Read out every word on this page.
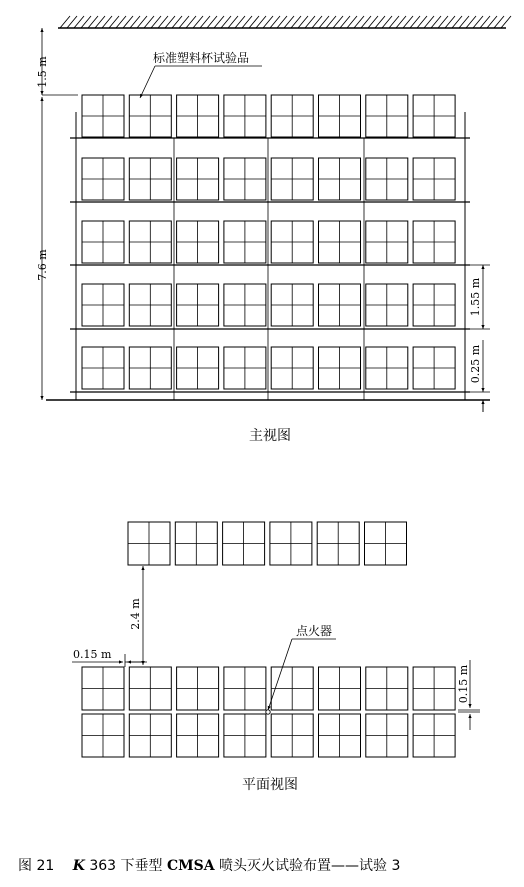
1.5 m
7.6 m
1.55 m
0.25 m
标准塑料杯试验品
主视图
2.4 m
0.15 m
0.15 m
点火器
平面视图
图 21 K 363 下垂型 CMSA 喷头灭火试验布置——试验 3
